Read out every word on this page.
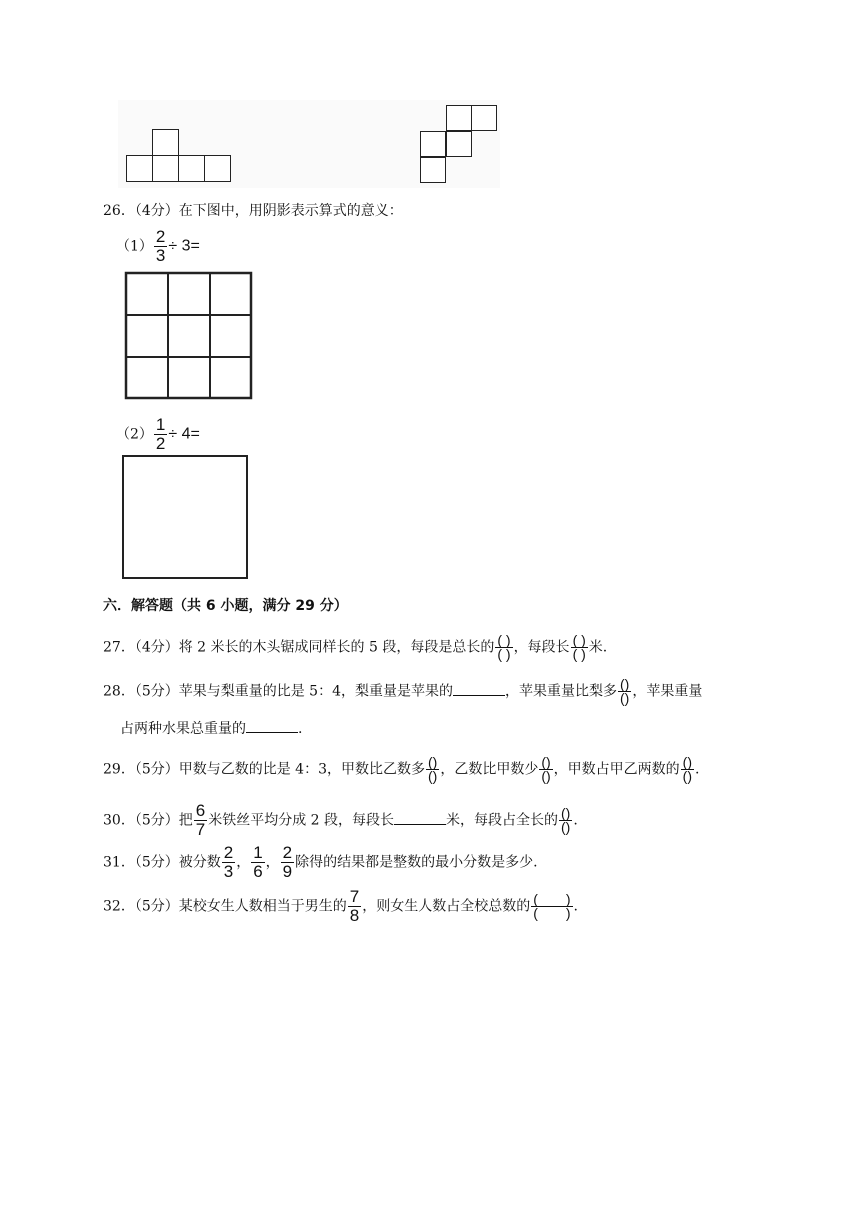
26．（4分）在下图中，用阴影表示算式的意义：
$(1) \frac{2}{3} \div 3=$
$(2) \frac{1}{2} \div 4=$
六．解答题（共 6 小题，满分 29 分）
27．（4分）将 2 米长的木头锯成同样长的 5 段，每段是总长的 $\frac{( )}{( )}$ ，每段长 $\frac{( )}{( )}$ 米.
28．（5分）苹果与梨重量的比是 5：4，梨重量是苹果的	，苹果重量比梨多 $\frac{()}{()}$ ，苹果重量
占两种水果总重量的	.
29．（5分）甲数与乙数的比是 4：3，甲数比乙数多 $\frac{()}{()}$ ，乙数比甲数少 $\frac{()}{()}$ ，甲数占甲乙两数的 $\frac{()}{()}$ .
30．（5分）把 $\frac{6}{7}$ 米铁丝平均分成 2 段，每段长	米，每段占全长的 $\frac{()}{()}$ .
31．（5分）被分数 $\frac{2}{3}$ ， $\frac{1}{6}$ ， $\frac{2}{9}$ 除得的结果都是整数的最小分数是多少.
32．（5分）某校女生人数相当于男生的 $\frac{7}{8}$ ，则女生人数占全校总数的 $\frac{( )}{( )}$ .
